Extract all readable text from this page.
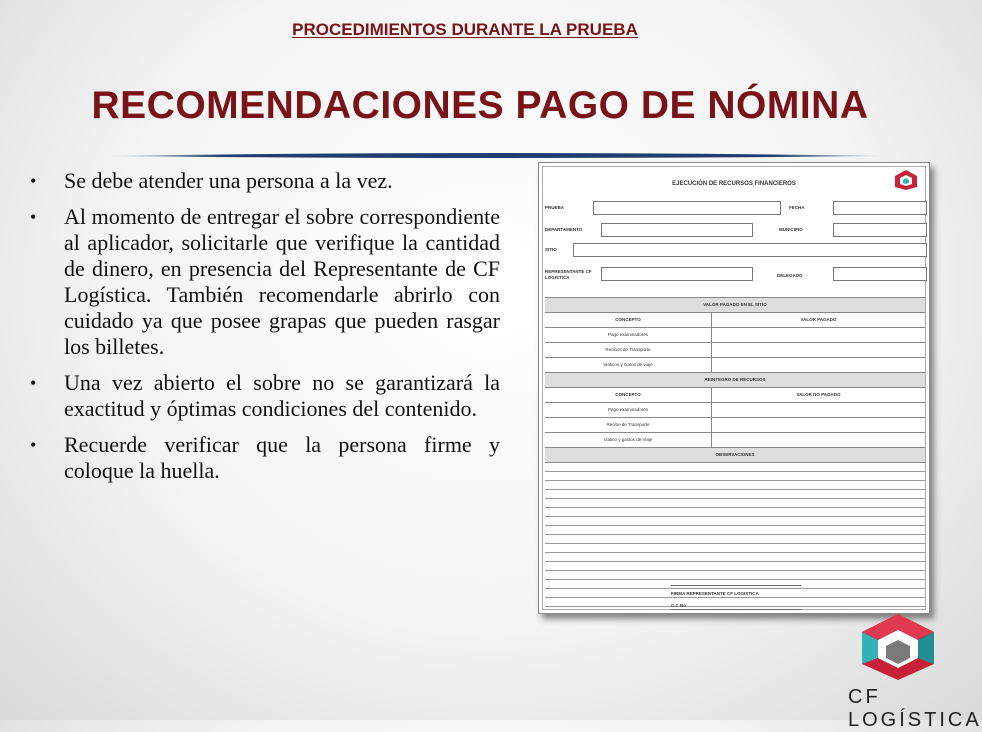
PROCEDIMIENTOS DURANTE LA PRUEBA
RECOMENDACIONES PAGO DE NÓMINA
• Se debe atender una persona a la vez.
• Al momento de entregar el sobre correspondiente al aplicador, solicitarle que verifique la cantidad de dinero, en presencia del Representante de CF Logística. También recomendarle abrirlo con cuidado ya que posee grapas que pueden rasgar los billetes.
• Una vez abierto el sobre no se garantizará la exactitud y óptimas condiciones del contenido.
• Recuerde verificar que la persona firme y coloque la huella.
EJECUCIÓN DE RECURSOS FINANCIEROS
PRUEBA	FECHA
DEPARTAMENTO	MUNICIPIO
SITIO
REPRESENTANTE CF LOGISTICA	DELEGADO
VALOR PAGADO EN EL SITIO
CONCEPTO	VALOR PAGADO
Pago examinadores
Recibos de Transporte
Viaticos y Gatos de viaje
REINTEGRO DE RECURSOS
CONCEPTO	VALOR NO PAGADO
Pago examinadores
Recibo de Transporte
Viatico y gastos de Viaje
OBSERVACIONES
FIRMA REPRESENTANTE CF LOGISTICA
C.C No
CF LOGÍSTICA
